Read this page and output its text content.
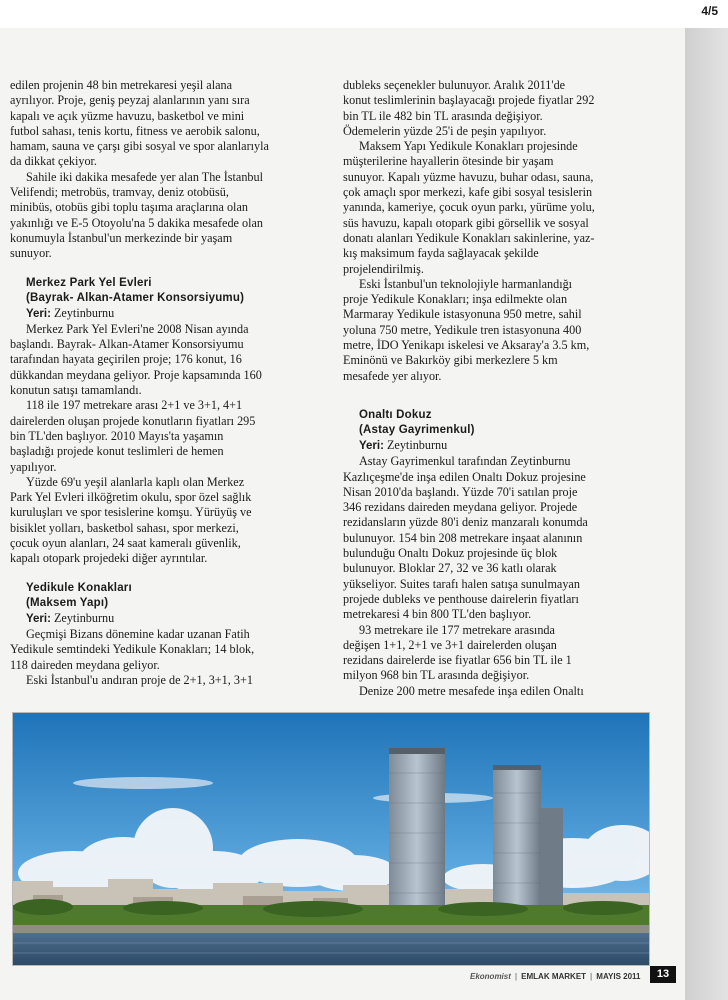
4/5

edilen projenin 48 bin metrekaresi yeşil alana
ayrılıyor. Proje, geniş peyzaj alanlarının yanı sıra
kapalı ve açık yüzme havuzu, basketbol ve mini
futbol sahası, tenis kortu, fitness ve aerobik salonu,
hamam, sauna ve çarşı gibi sosyal ve spor alanlarıyla
da dikkat çekiyor.

Sahile iki dakika mesafede yer alan The İstanbul
Velifendi; metrobüs, tramvay, deniz otobüsü,
minibüs, otobüs gibi toplu taşıma araçlarına olan
yakınlığı ve E-5 Otoyolu'na 5 dakika mesafede olan
konumuyla İstanbul'un merkezinde bir yaşam
sunuyor.

Merkez Park Yel Evleri
(Bayrak- Alkan-Atamer Konsorsiyumu)
Yeri: Zeytinburnu

Merkez Park Yel Evleri'ne 2008 Nisan ayında
başlandı. Bayrak- Alkan-Atamer Konsorsiyumu
tarafından hayata geçirilen proje; 176 konut, 16
dükkandan meydana geliyor. Proje kapsamında 160
konutun satışı tamamlandı.

118 ile 197 metrekare arası 2+1 ve 3+1, 4+1
dairelerden oluşan projede konutların fiyatları 295
bin TL'den başlıyor. 2010 Mayıs'ta yaşamın
başladığı projede konut teslimleri de hemen
yapılıyor.

Yüzde 69'u yeşil alanlarla kaplı olan Merkez
Park Yel Evleri ilköğretim okulu, spor özel sağlık
kuruluşları ve spor tesislerine komşu. Yürüyüş ve
bisiklet yolları, basketbol sahası, spor merkezi,
çocuk oyun alanları, 24 saat kameralı güvenlik,
kapalı otopark projedeki diğer ayrıntılar.

Yedikule Konakları
(Maksem Yapı)
Yeri: Zeytinburnu

Geçmişi Bizans dönemine kadar uzanan Fatih
Yedikule semtindeki Yedikule Konakları; 14 blok,
118 daireden meydana geliyor.

Eski İstanbul'u andıran proje de 2+1, 3+1, 3+1

dubleks seçenekler bulunuyor. Aralık 2011'de
konut teslimlerinin başlayacağı projede fiyatlar 292
bin TL ile 482 bin TL arasında değişiyor.
Ödemelerin yüzde 25'i de peşin yapılıyor.

Maksem Yapı Yedikule Konakları projesinde
müşterilerine hayallerin ötesinde bir yaşam
sunuyor. Kapalı yüzme havuzu, buhar odası, sauna,
çok amaçlı spor merkezi, kafe gibi sosyal tesislerin
yanında, kameriye, çocuk oyun parkı, yürüme yolu,
süs havuzu, kapalı otopark gibi görsellik ve sosyal
donatı alanları Yedikule Konakları sakinlerine, yaz-
kış maksimum fayda sağlayacak şekilde
projelendirilmiş.

Eski İstanbul'un teknolojiyle harmanlandığı
proje Yedikule Konakları; inşa edilmekte olan
Marmaray Yedikule istasyonuna 950 metre, sahil
yoluna 750 metre, Yedikule tren istasyonuna 400
metre, İDO Yenikapı iskelesi ve Aksaray'a 3.5 km,
Eminönü ve Bakırköy gibi merkezlere 5 km
mesafede yer alıyor.

Onaltı Dokuz
(Astay Gayrimenkul)
Yeri: Zeytinburnu

Astay Gayrimenkul tarafından Zeytinburnu
Kazlıçeşme'de inşa edilen Onaltı Dokuz projesine
Nisan 2010'da başlandı. Yüzde 70'i satılan proje
346 rezidans daireden meydana geliyor. Projede
rezidansların yüzde 80'i deniz manzaralı konumda
bulunuyor. 154 bin 208 metrekare inşaat alanının
bulunduğu Onaltı Dokuz projesinde üç blok
bulunuyor. Bloklar 27, 32 ve 36 katlı olarak
yükseliyor. Suites tarafı halen satışa sunulmayan
projede dubleks ve penthouse dairelerin fiyatları
metrekaresi 4 bin 800 TL'den başlıyor.

93 metrekare ile 177 metrekare arasında
değişen 1+1, 2+1 ve 3+1 dairelerden oluşan
rezidans dairelerde ise fiyatlar 656 bin TL ile 1
milyon 968 bin TL arasında değişiyor.

Denize 200 metre mesafede inşa edilen Onaltı

Ekonomist | EMLAK MARKET | MAYIS 2011	13
